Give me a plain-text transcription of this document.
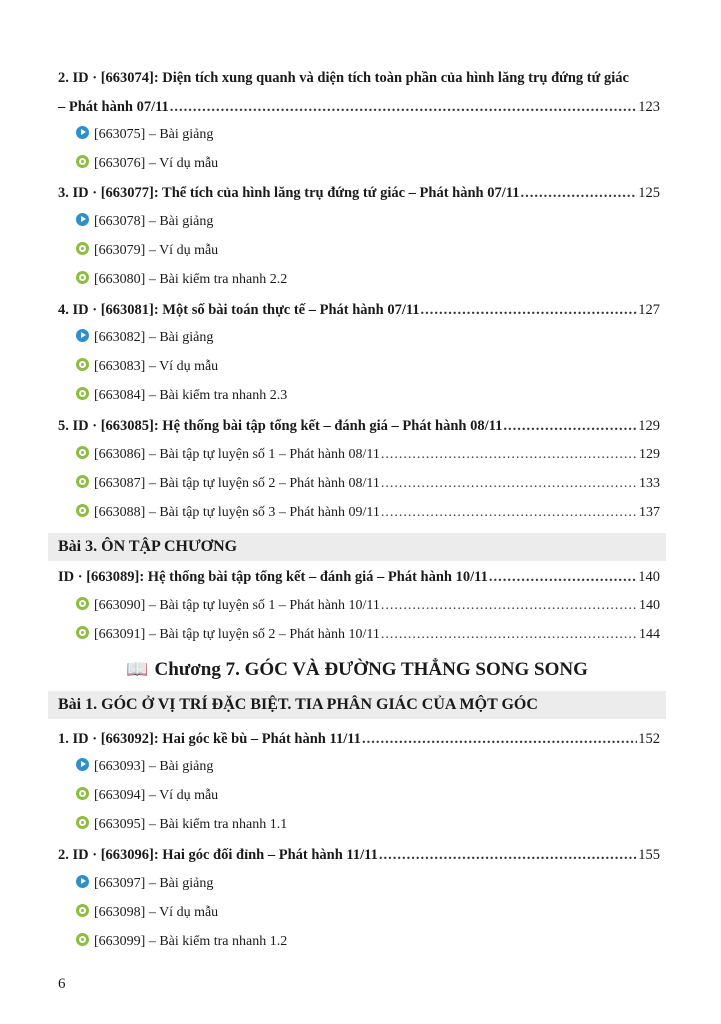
Bài 3. ÔN TẬP CHƯƠNG
📖 Chương 7. GÓC VÀ ĐƯỜNG THẲNG SONG SONG
Bài 1. GÓC Ở VỊ TRÍ ĐẶC BIỆT. TIA PHÂN GIÁC CỦA MỘT GÓC
6
2. ID · [663074]: Diện tích xung quanh và diện tích toàn phần của hình lăng trụ đứng tứ giác
– Phát hành 07/11 .....	123
[663075] – Bài giảng
[663076] – Ví dụ mẫu
3. ID · [663077]: Thể tích của hình lăng trụ đứng tứ giác – Phát hành 07/11 .....	125
[663078] – Bài giảng
[663079] – Ví dụ mẫu
[663080] – Bài kiểm tra nhanh 2.2
4. ID · [663081]: Một số bài toán thực tế – Phát hành 07/11 .....	127
[663082] – Bài giảng
[663083] – Ví dụ mẫu
[663084] – Bài kiểm tra nhanh 2.3
5. ID · [663085]: Hệ thống bài tập tổng kết – đánh giá – Phát hành 08/11 .....	129
[663086] – Bài tập tự luyện số 1 – Phát hành 08/11 .....	129
[663087] – Bài tập tự luyện số 2 – Phát hành 08/11 .....	133
[663088] – Bài tập tự luyện số 3 – Phát hành 09/11 .....	137
ID · [663089]: Hệ thống bài tập tổng kết – đánh giá – Phát hành 10/11 .....	140
[663090] – Bài tập tự luyện số 1 – Phát hành 10/11 .....	140
[663091] – Bài tập tự luyện số 2 – Phát hành 10/11 .....	144
1. ID · [663092]: Hai góc kề bù – Phát hành 11/11 .....	152
[663093] – Bài giảng
[663094] – Ví dụ mẫu
[663095] – Bài kiểm tra nhanh 1.1
2. ID · [663096]: Hai góc đối đỉnh – Phát hành 11/11 .....	155
[663097] – Bài giảng
[663098] – Ví dụ mẫu
[663099] – Bài kiểm tra nhanh 1.2
